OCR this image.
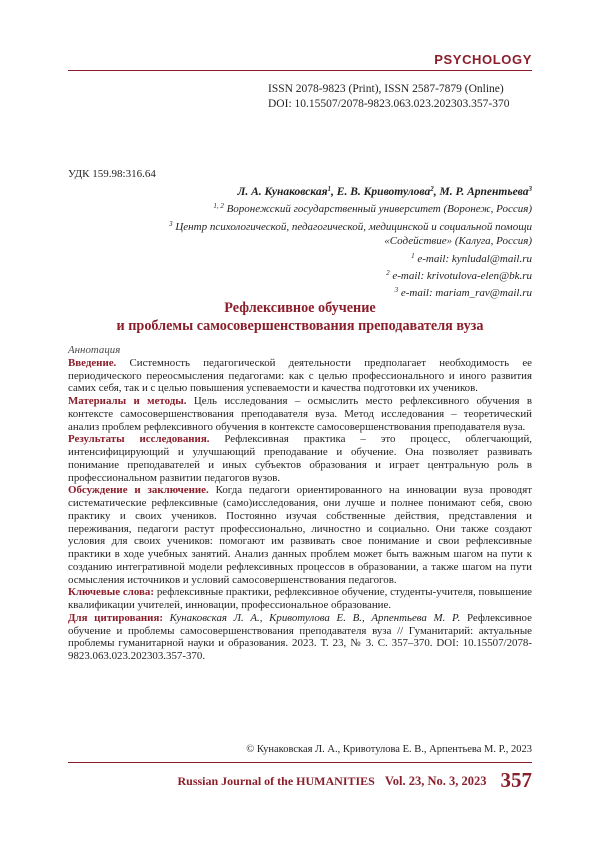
PSYCHOLOGY
ISSN 2078-9823 (Print), ISSN 2587-7879 (Online)
DOI: 10.15507/2078-9823.063.023.202303.357-370
УДК 159.98:316.64
Л. А. Кунаковская$^1$, Е. В. Кривотулова$^2$, М. Р. Арпентьева$^3$
$^{1, 2}$ Воронежский государственный университет (Воронеж, Россия)
$^3$ Центр психологической, педагогической, медицинской и социальной помощи
«Содействие» (Калуга, Россия)
$^1$ e-mail: kynludal@mail.ru
$^2$ e-mail: krivotulova-elen@bk.ru
$^3$ e-mail: mariam_rav@mail.ru
Рефлексивное обучение
и проблемы самосовершенствования преподавателя вуза

Аннотация

Введение. Системность педагогической деятельности предполагает необходимость ее периодического переосмысления педагогами: как с целью профессионального и иного развития самих себя, так и с целью повышения успеваемости и качества подготовки их учеников.

Материалы и методы. Цель исследования – осмыслить место рефлексивного обучения в контексте самосовершенствования преподавателя вуза. Метод исследования – теоретический анализ проблем рефлексивного обучения в контексте самосовершенствования преподавателя вуза.

Результаты исследования. Рефлексивная практика – это процесс, облегчающий, интенсифицирующий и улучшающий преподавание и обучение. Она позволяет развивать понимание преподавателей и иных субъектов образования и играет центральную роль в профессиональном развитии педагогов вузов.

Обсуждение и заключение. Когда педагоги ориентированного на инновации вуза проводят систематические рефлексивные (само)исследования, они лучше и полнее понимают себя, свою практику и своих учеников. Постоянно изучая собственные действия, представления и переживания, педагоги растут профессионально, личностно и социально. Они также создают условия для своих учеников: помогают им развивать свое понимание и свои рефлексивные практики в ходе учебных занятий. Анализ данных проблем может быть важным шагом на пути к созданию интегративной модели рефлексивных процессов в образовании, а также шагом на пути осмысления источников и условий самосовершенствования педагогов.

Ключевые слова: рефлексивные практики, рефлексивное обучение, студенты-учителя, повышение квалификации учителей, инновации, профессиональное образование.

Для цитирования: Кунаковская Л. А., Кривотулова Е. В., Арпентьева М. Р. Рефлексивное обучение и проблемы самосовершенствования преподавателя вуза // Гуманитарий: актуальные проблемы гуманитарной науки и образования. 2023. Т. 23, № 3. С. 357–370. DOI: 10.15507/2078-9823.063.023.202303.357-370.

© Кунаковская Л. А., Кривотулова Е. В., Арпентьева М. Р., 2023
Russian Journal of the HUMANITIES Vol. 23, No. 3, 2023 357
